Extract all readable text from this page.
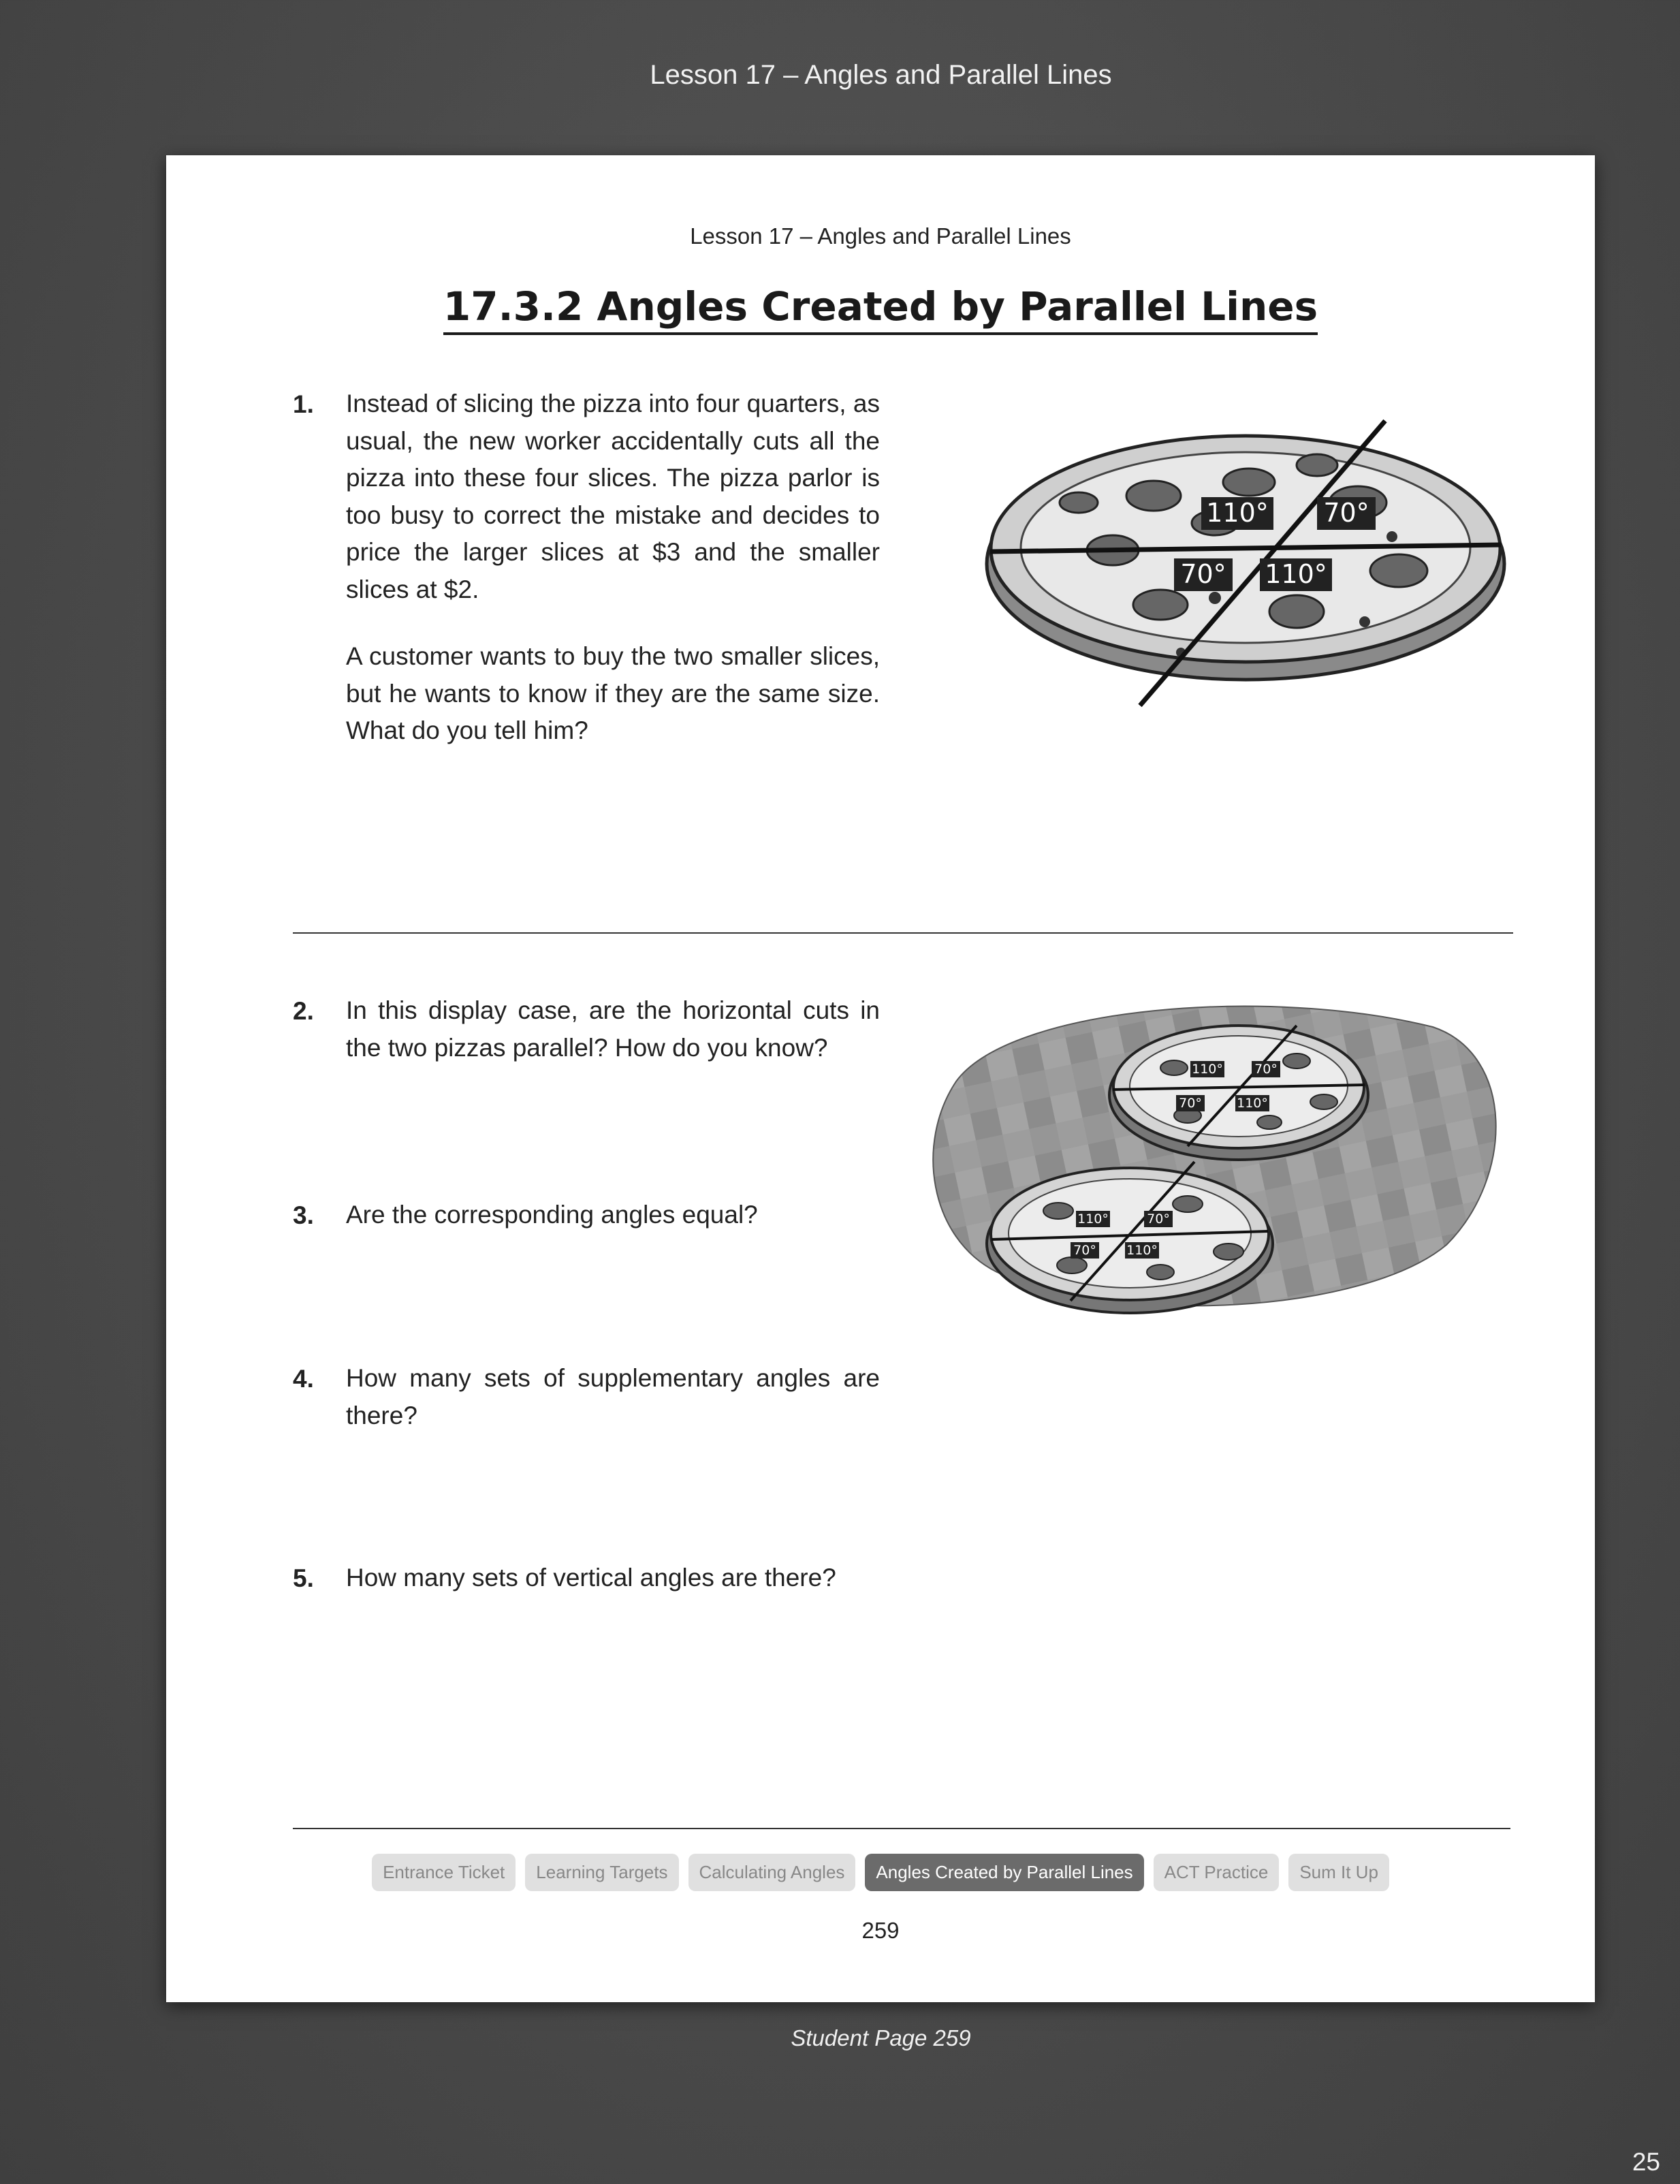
Lesson 17 – Angles and Parallel Lines
Lesson 17 – Angles and Parallel Lines
17.3.2 Angles Created by Parallel Lines
1. Instead of slicing the pizza into four quarters, as usual, the new worker accidentally cuts all the pizza into these four slices. The pizza parlor is too busy to correct the mistake and decides to price the larger slices at $3 and the smaller slices at $2.
A customer wants to buy the two smaller slices, but he wants to know if they are the same size. What do you tell him?
110° 70°
70° 110°
2. In this display case, are the horizontal cuts in the two pizzas parallel? How do you know?
3. Are the corresponding angles equal?
4. How many sets of supplementary angles are there?
5. How many sets of vertical angles are there?
110° 70°
70°	110°
110°	70°
70° 110°
Entrance Ticket	Learning Targets	Calculating Angles	Angles Created by Parallel Lines	ACT Practice	Sum It Up
259
Student Page 259
25
